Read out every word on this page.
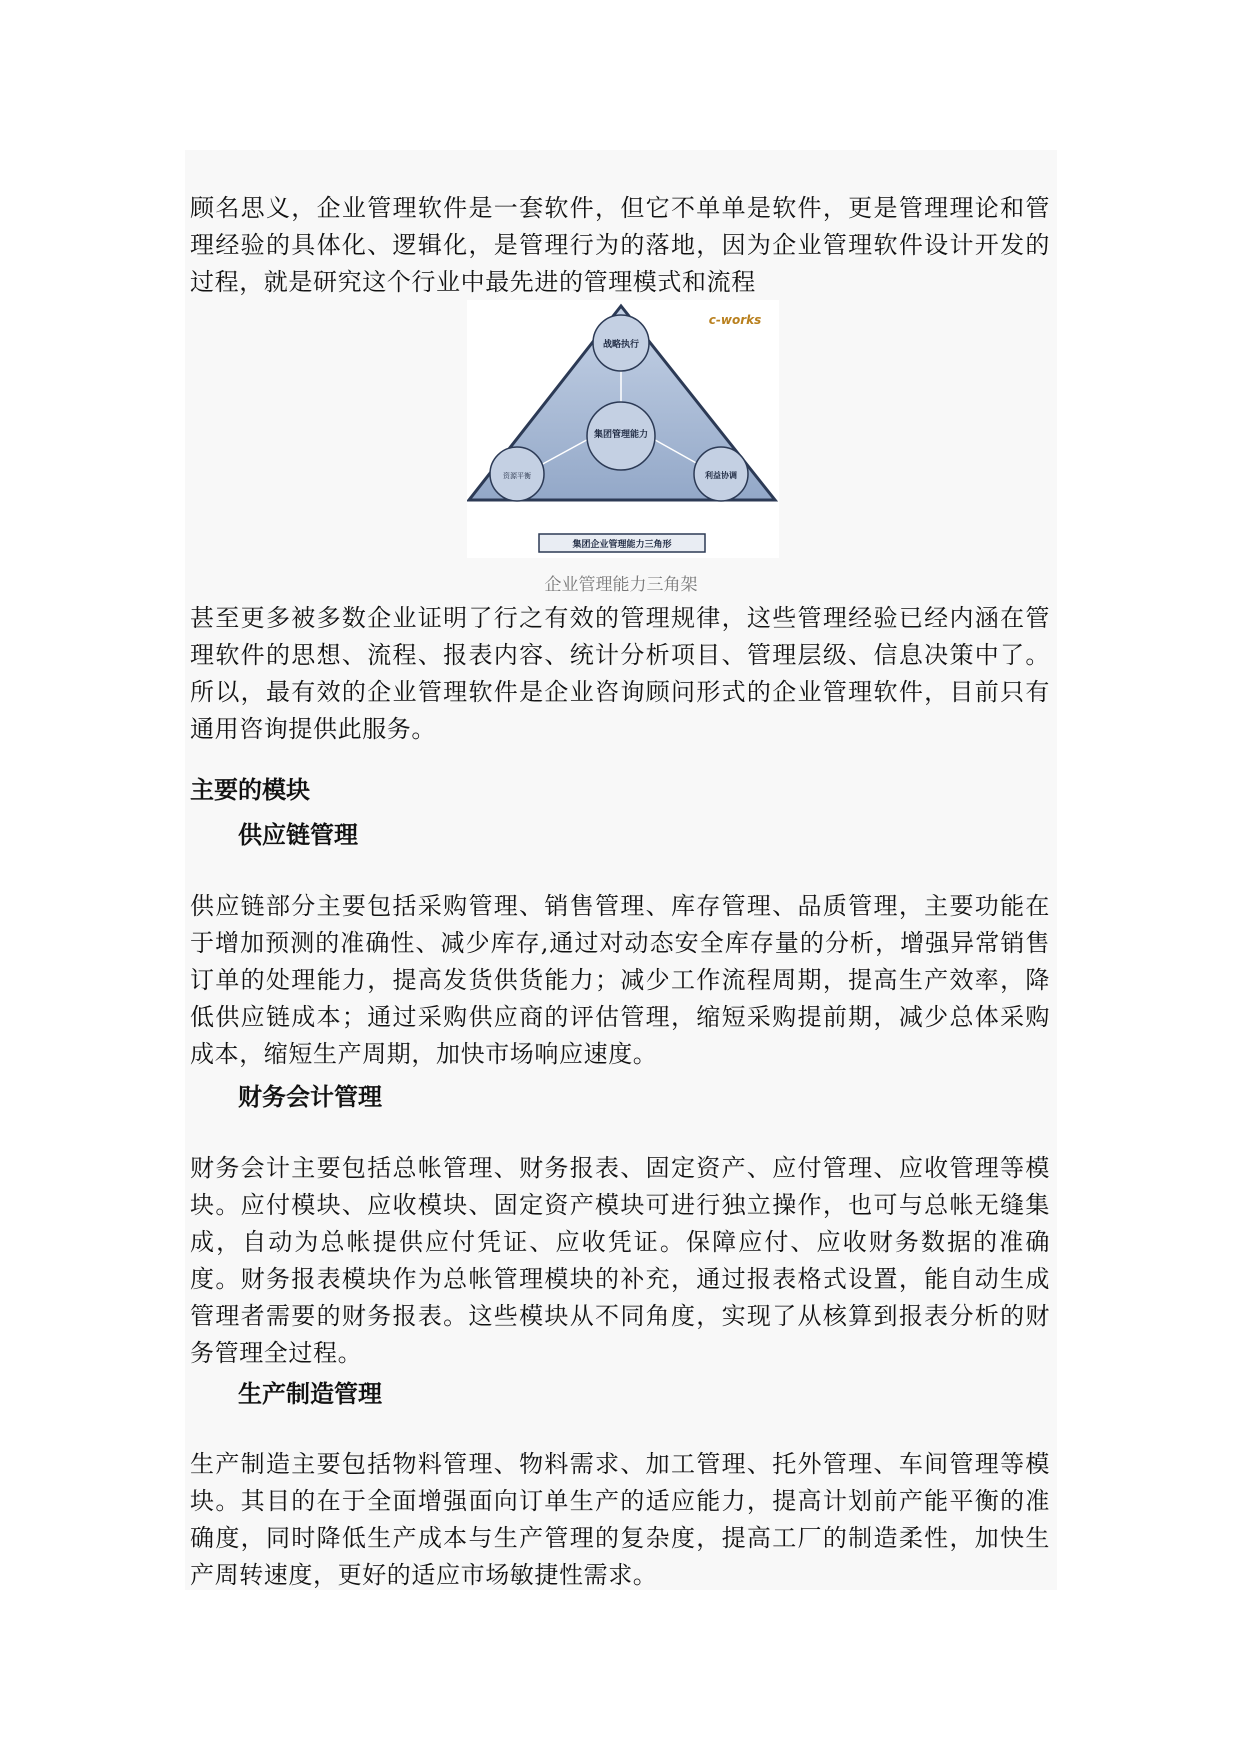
顾名思义，企业管理软件是一套软件，但它不单单是软件，更是管理理论和管理经验的具体化、逻辑化，是管理行为的落地，因为企业管理软件设计开发的过程，就是研究这个行业中最先进的管理模式和流程
战略执行
集团管理能力
资源平衡	利益协调
c-works
集团企业管理能力三角形
企业管理能力三角架
甚至更多被多数企业证明了行之有效的管理规律，这些管理经验已经内涵在管理软件的思想、流程、报表内容、统计分析项目、管理层级、信息决策中了。所以，最有效的企业管理软件是企业咨询顾问形式的企业管理软件，目前只有通用咨询提供此服务。
主要的模块
供应链管理
供应链部分主要包括采购管理、销售管理、库存管理、品质管理，主要功能在于增加预测的准确性、减少库存,通过对动态安全库存量的分析，增强异常销售订单的处理能力，提高发货供货能力；减少工作流程周期，提高生产效率，降低供应链成本；通过采购供应商的评估管理，缩短采购提前期，减少总体采购成本，缩短生产周期，加快市场响应速度。
财务会计管理
财务会计主要包括总帐管理、财务报表、固定资产、应付管理、应收管理等模块。应付模块、应收模块、固定资产模块可进行独立操作，也可与总帐无缝集成，自动为总帐提供应付凭证、应收凭证。保障应付、应收财务数据的准确度。财务报表模块作为总帐管理模块的补充，通过报表格式设置，能自动生成管理者需要的财务报表。这些模块从不同角度，实现了从核算到报表分析的财务管理全过程。
生产制造管理
生产制造主要包括物料管理、物料需求、加工管理、托外管理、车间管理等模块。其目的在于全面增强面向订单生产的适应能力，提高计划前产能平衡的准确度，同时降低生产成本与生产管理的复杂度，提高工厂的制造柔性，加快生产周转速度，更好的适应市场敏捷性需求。
